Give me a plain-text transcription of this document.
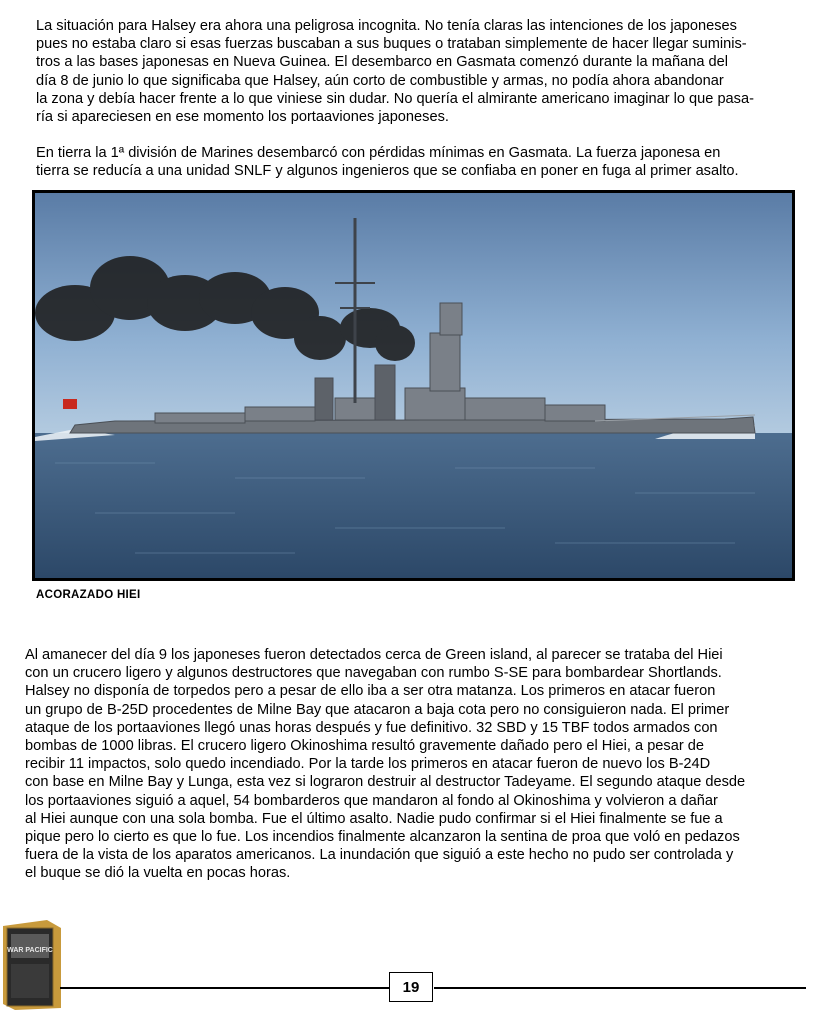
La situación para Halsey era ahora una peligrosa incognita. No tenía claras las intenciones de los japoneses
pues no estaba claro si esas fuerzas buscaban a sus buques o trataban simplemente de hacer llegar suminis-
tros a las bases japonesas en Nueva Guinea. El desembarco en Gasmata comenzó durante la mañana del
día 8 de junio lo que significaba que Halsey, aún corto de combustible y armas, no podía ahora abandonar
la zona y debía hacer frente a lo que viniese sin dudar. No quería el almirante americano imaginar lo que pasa-
ría si apareciesen en ese momento los portaaviones japoneses.
En tierra la 1ª división de Marines desembarcó con pérdidas mínimas en Gasmata. La fuerza japonesa en
tierra se reducía a una unidad SNLF y algunos ingenieros que se confiaba en poner en fuga al primer asalto.
ACORAZADO HIEI
Al amanecer del día 9 los japoneses fueron detectados cerca de Green island, al parecer se trataba del Hiei
con un crucero ligero y algunos destructores que navegaban con rumbo S-SE para bombardear Shortlands.
Halsey no disponía de torpedos pero a pesar de ello iba a ser otra matanza. Los primeros en atacar fueron
un grupo de B-25D procedentes de Milne Bay que atacaron a baja cota pero no consiguieron nada. El primer
ataque de los portaaviones llegó unas horas después y fue definitivo. 32 SBD y 15 TBF todos armados con
bombas de 1000 libras. El crucero ligero Okinoshima resultó gravemente dañado pero el Hiei, a pesar de
recibir 11 impactos, solo quedo incendiado. Por la tarde los primeros en atacar fueron de nuevo los B-24D
con base en Milne Bay y Lunga, esta vez si lograron destruir al destructor Tadeyame. El segundo ataque desde
los portaaviones siguió a aquel, 54 bombarderos que mandaron al fondo al Okinoshima y volvieron a dañar
al Hiei aunque con una sola bomba. Fue el último asalto. Nadie pudo confirmar si el Hiei finalmente se fue a
pique pero lo cierto es que lo fue. Los incendios finalmente alcanzaron la sentina de proa que voló en pedazos
fuera de la vista de los aparatos americanos. La inundación que siguió a este hecho no pudo ser controlada y
el buque se dió la vuelta en pocas horas.
WAR PACIFIC
19
